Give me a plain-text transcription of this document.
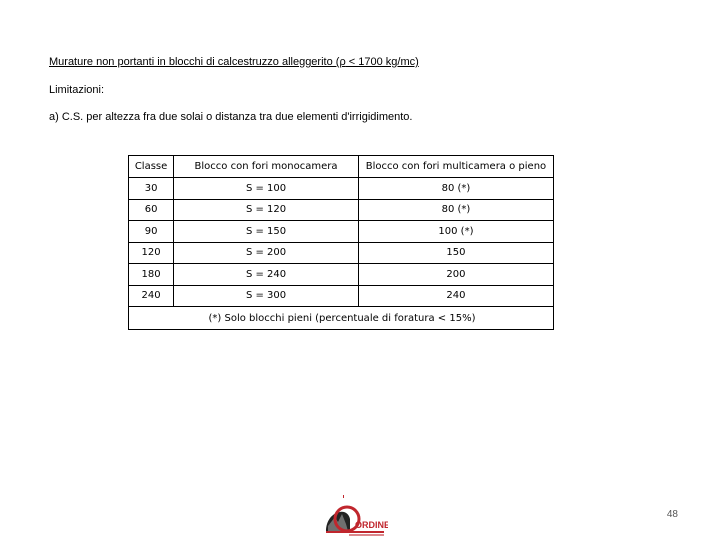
Murature non portanti in blocchi di calcestruzzo alleggerito (ρ < 1700 kg/mc)
Limitazioni:
a) C.S. per altezza fra due solai o distanza tra due elementi d'irrigidimento.
Classe	Blocco con fori monocamera	Blocco con fori multicamera o pieno
30	S = 100	80 (*)
60	S = 120	80 (*)
90	S = 150	100 (*)
120	S = 200	150
180	S = 240	200
240	S = 300	240
(*) Solo blocchi pieni (percentuale di foratura < 15%)
ORDINE
48
